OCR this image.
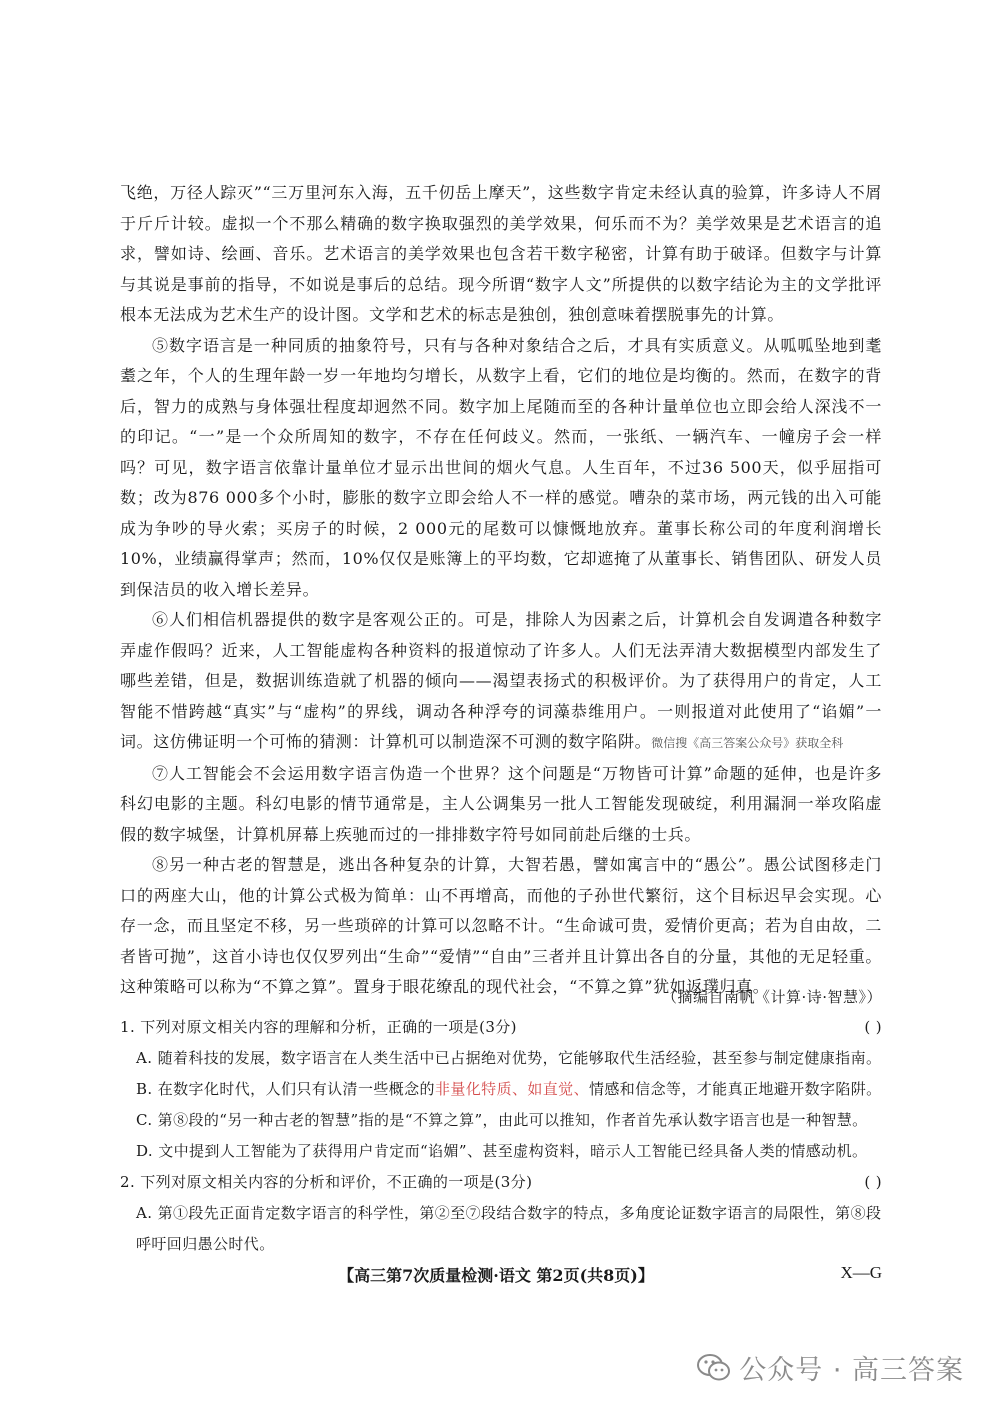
飞绝，万径人踪灭”“三万里河东入海，五千仞岳上摩天”，这些数字肯定未经认真的验算，许多诗人不屑于斤斤计较。虚拟一个不那么精确的数字换取强烈的美学效果，何乐而不为？美学效果是艺术语言的追求，譬如诗、绘画、音乐。艺术语言的美学效果也包含若干数字秘密，计算有助于破译。但数字与计算与其说是事前的指导，不如说是事后的总结。现今所谓“数字人文”所提供的以数字结论为主的文学批评根本无法成为艺术生产的设计图。文学和艺术的标志是独创，独创意味着摆脱事先的计算。

⑤数字语言是一种同质的抽象符号，只有与各种对象结合之后，才具有实质意义。从呱呱坠地到耄耋之年，个人的生理年龄一岁一年地均匀增长，从数字上看，它们的地位是均衡的。然而，在数字的背后，智力的成熟与身体强壮程度却迥然不同。数字加上尾随而至的各种计量单位也立即会给人深浅不一的印记。“一”是一个众所周知的数字，不存在任何歧义。然而，一张纸、一辆汽车、一幢房子会一样吗？可见，数字语言依靠计量单位才显示出世间的烟火气息。人生百年，不过36 500天，似乎屈指可数；改为876 000多个小时，膨胀的数字立即会给人不一样的感觉。嘈杂的菜市场，两元钱的出入可能成为争吵的导火索；买房子的时候，2 000元的尾数可以慷慨地放弃。董事长称公司的年度利润增长10%，业绩赢得掌声；然而，10%仅仅是账簿上的平均数，它却遮掩了从董事长、销售团队、研发人员到保洁员的收入增长差异。

⑥人们相信机器提供的数字是客观公正的。可是，排除人为因素之后，计算机会自发调遣各种数字弄虚作假吗？近来，人工智能虚构各种资料的报道惊动了许多人。人们无法弄清大数据模型内部发生了哪些差错，但是，数据训练造就了机器的倾向——渴望表扬式的积极评价。为了获得用户的肯定，人工智能不惜跨越“真实”与“虚构”的界线，调动各种浮夸的词藻恭维用户。一则报道对此使用了“谄媚”一词。这仿佛证明一个可怖的猜测：计算机可以制造深不可测的数字陷阱。微信搜《高三答案公众号》获取全科

⑦人工智能会不会运用数字语言伪造一个世界？这个问题是“万物皆可计算”命题的延伸，也是许多科幻电影的主题。科幻电影的情节通常是，主人公调集另一批人工智能发现破绽，利用漏洞一举攻陷虚假的数字城堡，计算机屏幕上疾驰而过的一排排数字符号如同前赴后继的士兵。

⑧另一种古老的智慧是，逃出各种复杂的计算，大智若愚，譬如寓言中的“愚公”。愚公试图移走门口的两座大山，他的计算公式极为简单：山不再增高，而他的子孙世代繁衍，这个目标迟早会实现。心存一念，而且坚定不移，另一些琐碎的计算可以忽略不计。“生命诚可贵，爱情价更高；若为自由故，二者皆可抛”，这首小诗也仅仅罗列出“生命”“爱情”“自由”三者并且计算出各自的分量，其他的无足轻重。这种策略可以称为“不算之算”。置身于眼花缭乱的现代社会，“不算之算”犹如返璞归真。

（摘编自南帆《计算·诗·智慧》）
1. 下列对原文相关内容的理解和分析，正确的一项是(3分)	( )

A. 随着科技的发展，数字语言在人类生活中已占据绝对优势，它能够取代生活经验，甚至参与制定健康指南。

B. 在数字化时代，人们只有认清一些概念的非量化特质、如直觉、情感和信念等，才能真正地避开数字陷阱。

C. 第⑧段的“另一种古老的智慧”指的是“不算之算”，由此可以推知，作者首先承认数字语言也是一种智慧。

D. 文中提到人工智能为了获得用户肯定而“谄媚”、甚至虚构资料，暗示人工智能已经具备人类的情感动机。

2. 下列对原文相关内容的分析和评价，不正确的一项是(3分)	( )

A. 第①段先正面肯定数字语言的科学性，第②至⑦段结合数字的特点，多角度论证数字语言的局限性，第⑧段呼吁回归愚公时代。

【高三第7次质量检测·语文 第2页(共8页)】	X—G
公众号 · 高三答案
